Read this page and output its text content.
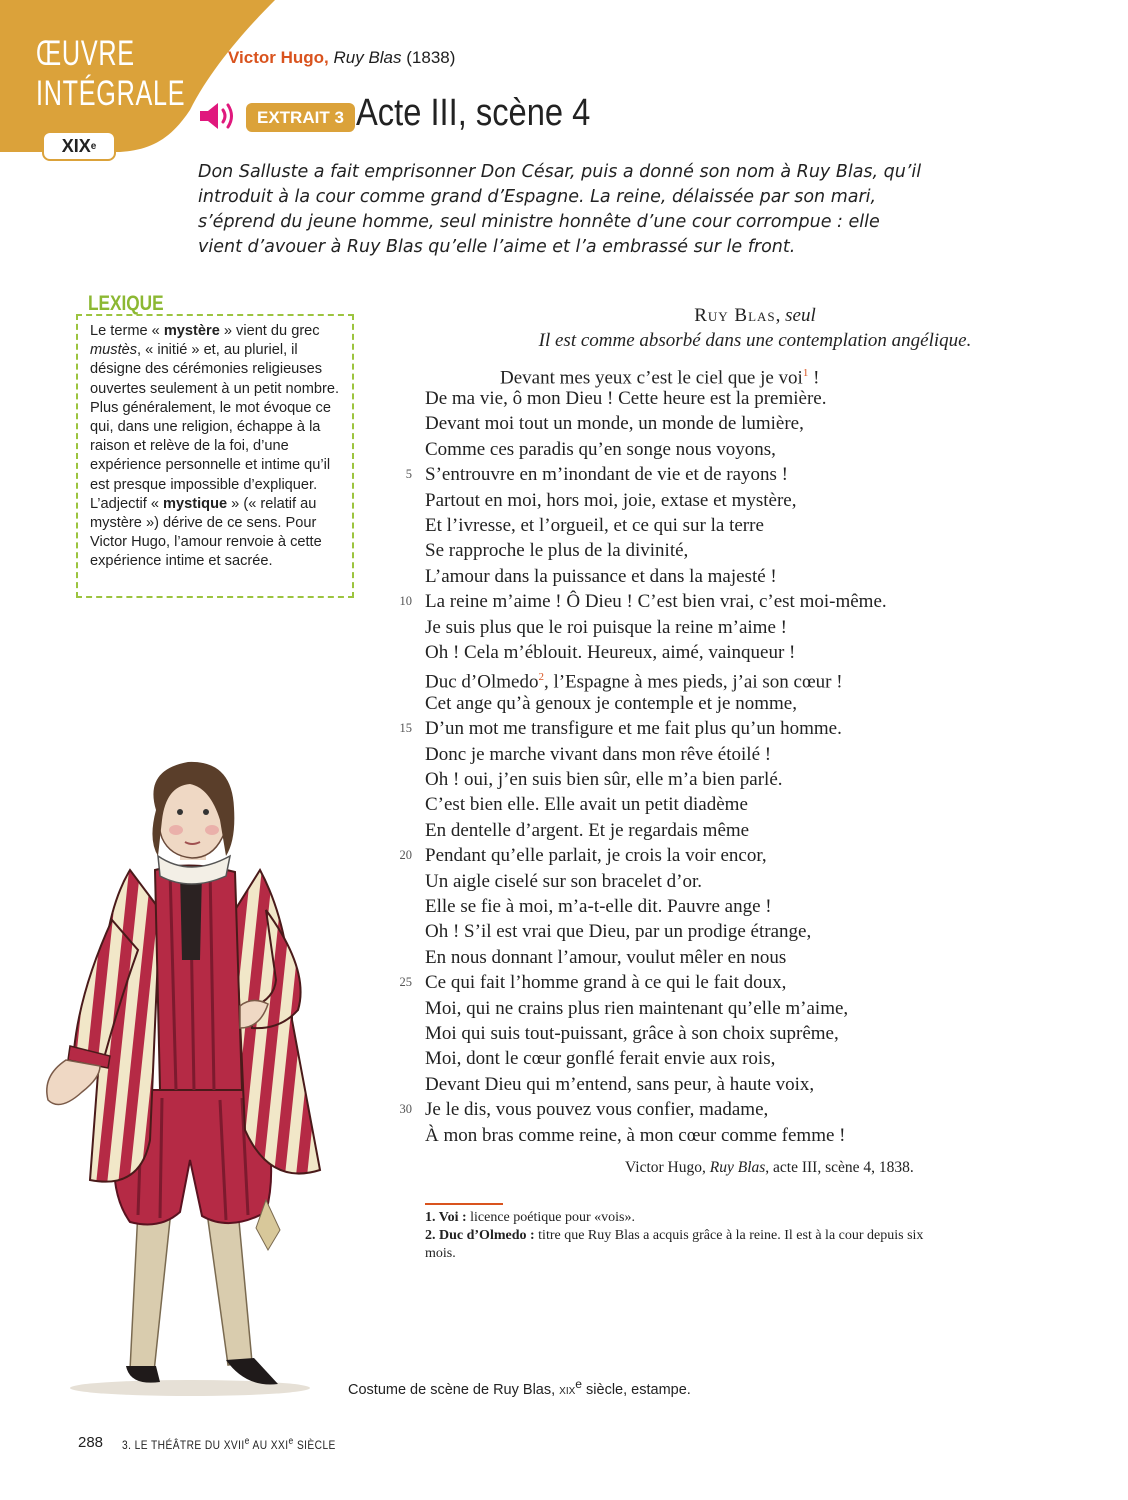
ŒUVRE
INTÉGRALE
XIX e
Victor Hugo, Ruy Blas (1838)
EXTRAIT 3 Acte III, scène 4
Don Salluste a fait emprisonner Don César, puis a donné son nom à Ruy Blas, qu’il introduit à la cour comme grand d’Espagne. La reine, délaissée par son mari, s’éprend du jeune homme, seul ministre honnête d’une cour corrompue : elle vient d’avouer à Ruy Blas qu’elle l’aime et l’a embrassé sur le front.
LEXIQUE
Le terme « mystère » vient du grec mustès, « initié » et, au pluriel, il désigne des cérémonies religieuses ouvertes seulement à un petit nombre. Plus généralement, le mot évoque ce qui, dans une religion, échappe à la raison et relève de la foi, d’une expérience personnelle et intime qu’il est presque impossible d’expliquer. L’adjectif « mystique » (« relatif au mystère ») dérive de ce sens. Pour Victor Hugo, l’amour renvoie à cette expérience intime et sacrée.
Costume de scène de Ruy Blas, xix$^e$ siècle, estampe.
Ruy Blas, seul
Il est comme absorbé dans une contemplation angélique.
Devant mes yeux c’est le ciel que je voi$^1$ !
De ma vie, ô mon Dieu ! Cette heure est la première.
Devant moi tout un monde, un monde de lumière,
Comme ces paradis qu’en songe nous voyons,
S’entrouvre en m’inondant de vie et de rayons !
Partout en moi, hors moi, joie, extase et mystère,
Et l’ivresse, et l’orgueil, et ce qui sur la terre
Se rapproche le plus de la divinité,
L’amour dans la puissance et dans la majesté !
La reine m’aime ! Ô Dieu ! C’est bien vrai, c’est moi-même.
Je suis plus que le roi puisque la reine m’aime !
Oh ! Cela m’éblouit. Heureux, aimé, vainqueur !
Duc d’Olmedo$^2$, l’Espagne à mes pieds, j’ai son cœur !
Cet ange qu’à genoux je contemple et je nomme,
D’un mot me transfigure et me fait plus qu’un homme.
Donc je marche vivant dans mon rêve étoilé !
Oh ! oui, j’en suis bien sûr, elle m’a bien parlé.
C’est bien elle. Elle avait un petit diadème
En dentelle d’argent. Et je regardais même
Pendant qu’elle parlait, je crois la voir encor,
Un aigle ciselé sur son bracelet d’or.
Elle se fie à moi, m’a-t-elle dit. Pauvre ange !
Oh ! S’il est vrai que Dieu, par un prodige étrange,
En nous donnant l’amour, voulut mêler en nous
Ce qui fait l’homme grand à ce qui le fait doux,
Moi, qui ne crains plus rien maintenant qu’elle m’aime,
Moi qui suis tout-puissant, grâce à son choix suprême,
Moi, dont le cœur gonflé ferait envie aux rois,
Devant Dieu qui m’entend, sans peur, à haute voix,
Je le dis, vous pouvez vous confier, madame,
À mon bras comme reine, à mon cœur comme femme !
5
10
15
20
25
30
Victor Hugo, Ruy Blas, acte III, scène 4, 1838.

1. Voi : licence poétique pour «vois».

2. Duc d’Olmedo : titre que Ruy Blas a acquis grâce à la reine. Il est à la cour depuis six mois.

288 3. LE THÉÂTRE DU XVIIe AU XXIe SIÈCLE
